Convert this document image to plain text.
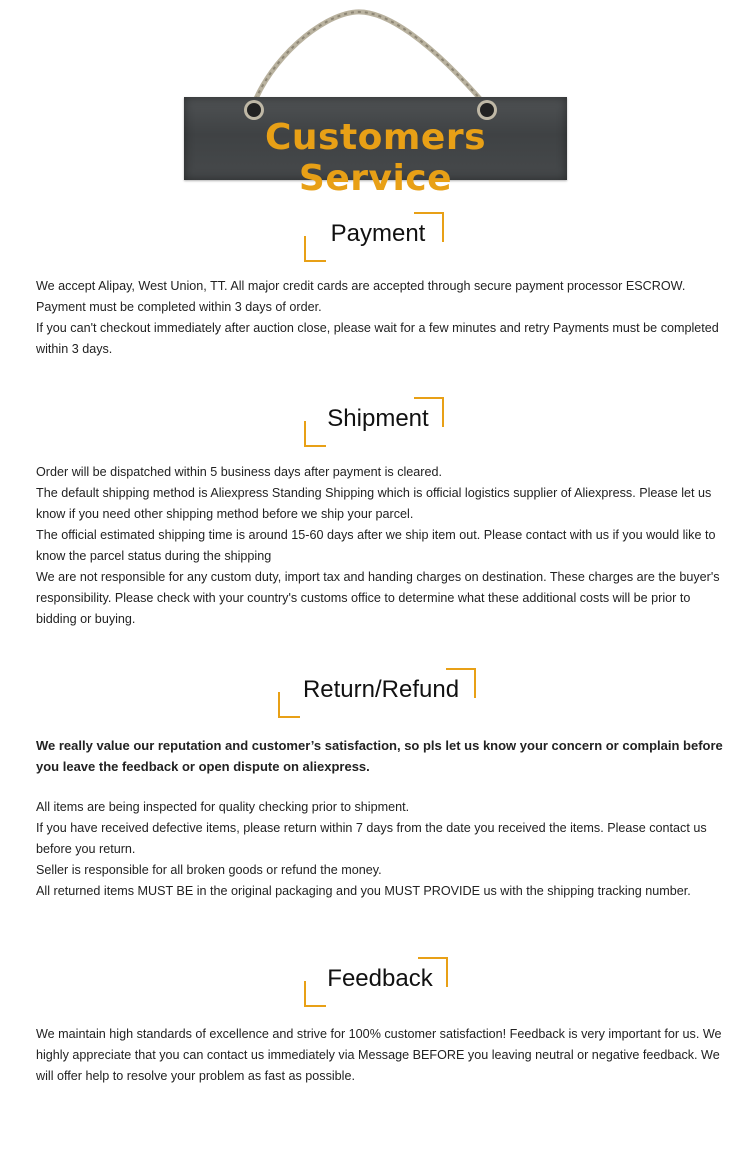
Customers Service
Payment

We accept Alipay, West Union, TT. All major credit cards are accepted through secure payment processor ESCROW. Payment must be completed within 3 days of order.

If you can't checkout immediately after auction close, please wait for a few minutes and retry Payments must be completed within 3 days.

Shipment

Order will be dispatched within 5 business days after payment is cleared.

The default shipping method is Aliexpress Standing Shipping which is official logistics supplier of Aliexpress. Please let us know if you need other shipping method before we ship your parcel.

The official estimated shipping time is around 15-60 days after we ship item out. Please contact with us if you would like to know the parcel status during the shipping

We are not responsible for any custom duty, import tax and handing charges on destination. These charges are the buyer's responsibility. Please check with your country's customs office to determine what these additional costs will be prior to bidding or buying.

Return/Refund

We really value our reputation and customer’s satisfaction, so pls let us know your concern or complain before you leave the feedback or open dispute on aliexpress.

All items are being inspected for quality checking prior to shipment.

If you have received defective items, please return within 7 days from the date you received the items. Please contact us before you return.

Seller is responsible for all broken goods or refund the money.

All returned items MUST BE in the original packaging and you MUST PROVIDE us with the shipping tracking number.

Feedback

We maintain high standards of excellence and strive for 100% customer satisfaction! Feedback is very important for us. We highly appreciate that you can contact us immediately via Message BEFORE you leaving neutral or negative feedback. We will offer help to resolve your problem as fast as possible.
